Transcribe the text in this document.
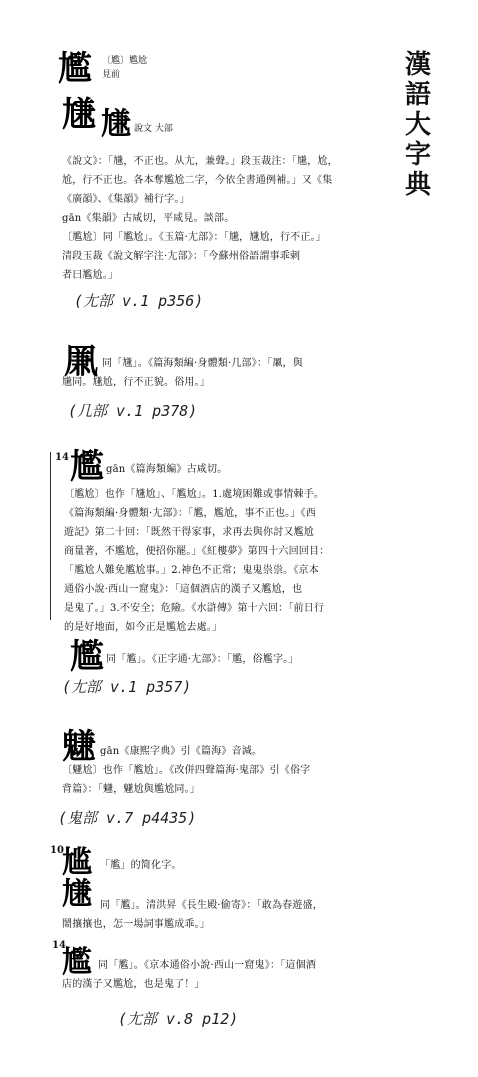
漢
語
大
字
典
尷 〔尷〕尷尬
見前
尲 尲 說文 大部
《說文》：「尲，不正也。从尢，兼聲。」段玉裁注：「尲，尬，
尬，行不正也。各本奪尷尬二字，今依全書通例補。」又《集
《廣韻》、《集韻》補行字。」
gān《集韻》古咸切，平咸見。談部。
〔尷尬〕同「尷尬」。《玉篇·尢部》：「尲，尲尬，行不正。」
清段玉裁《說文解字注·尢部》：「今蘇州俗語謂事乖剌
者曰尷尬。」
(尢部 v.1 p356)
凲 同「尲」。《篇海類編·身體類·几部》：「凲，與
尲同。尲尬，行不正貌。俗用。」
(几部 v.1 p378)
14 尷 gān《篇海類編》古咸切。
〔尷尬〕也作「尲尬」、「尷尬」。1.處境困難或事情棘手。
《篇海類編·身體類·尢部》：「尷，尷尬，事不正也。」《西
遊記》第二十回：「既然干得家事，求再去與你討又尷尬
商量著，不尷尬，便招你罷。」《紅樓夢》第四十六回回目：
「尷尬人難免尷尬事。」2.神色不正常；鬼鬼祟祟。《京本
通俗小說·西山一窟鬼》：「這個酒店的漢子又尷尬，也
是鬼了。」3.不安全；危險。《水滸傳》第十六回：「前日行
的是好地面，如今正是尷尬去處。」
尷 同「尷」。《正字通·尢部》：「尷，俗尷字。」
(尢部 v.1 p357)
魐 gān《康熙字典》引《篇海》音減。
〔魐尬〕也作「尷尬」。《改併四聲篇海·鬼部》引《俗字
背篇》：「魐，魐尬與尷尬同。」
(鬼部 v.7 p4435)
10
尴 「尷」的简化字。
尲 同「尷」。清洪昇《長生殿·偷寄》：「敢為春遊盛，
鬧攘攘也，怎一場詞事尷成乖。」
14
尷 同「尷」。《京本通俗小說·西山一窟鬼》：「這個酒
店的漢子又尷尬，也是鬼了！」
(尢部 v.8 p12)
